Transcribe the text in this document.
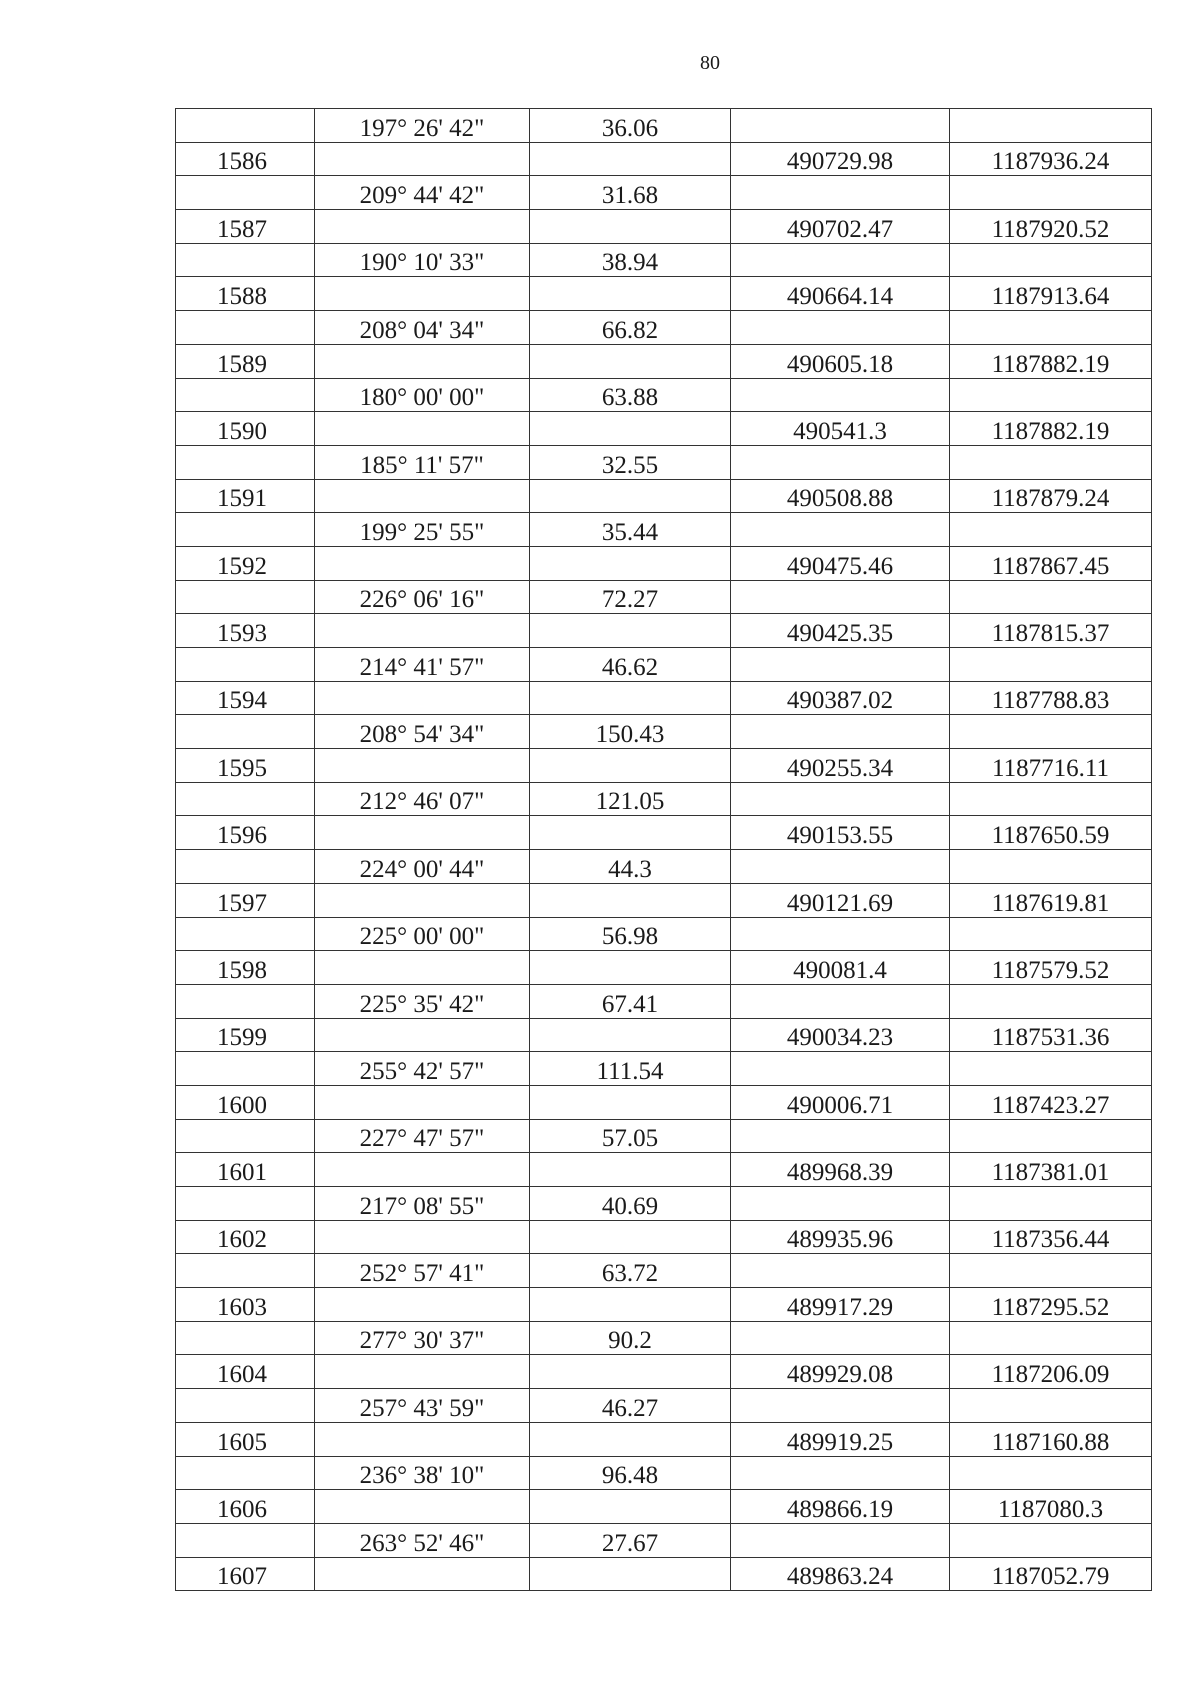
80
	197° 26' 42"	36.06		
1586			490729.98	1187936.24
	209° 44' 42"	31.68		
1587			490702.47	1187920.52
	190° 10' 33"	38.94		
1588			490664.14	1187913.64
	208° 04' 34"	66.82		
1589			490605.18	1187882.19
	180° 00' 00"	63.88		
1590			490541.3	1187882.19
	185° 11' 57"	32.55		
1591			490508.88	1187879.24
	199° 25' 55"	35.44		
1592			490475.46	1187867.45
	226° 06' 16"	72.27		
1593			490425.35	1187815.37
	214° 41' 57"	46.62		
1594			490387.02	1187788.83
	208° 54' 34"	150.43		
1595			490255.34	1187716.11
	212° 46' 07"	121.05		
1596			490153.55	1187650.59
	224° 00' 44"	44.3		
1597			490121.69	1187619.81
	225° 00' 00"	56.98		
1598			490081.4	1187579.52
	225° 35' 42"	67.41		
1599			490034.23	1187531.36
	255° 42' 57"	111.54		
1600			490006.71	1187423.27
	227° 47' 57"	57.05		
1601			489968.39	1187381.01
	217° 08' 55"	40.69		
1602			489935.96	1187356.44
	252° 57' 41"	63.72		
1603			489917.29	1187295.52
	277° 30' 37"	90.2		
1604			489929.08	1187206.09
	257° 43' 59"	46.27		
1605			489919.25	1187160.88
	236° 38' 10"	96.48		
1606			489866.19	1187080.3
	263° 52' 46"	27.67		
1607			489863.24	1187052.79
